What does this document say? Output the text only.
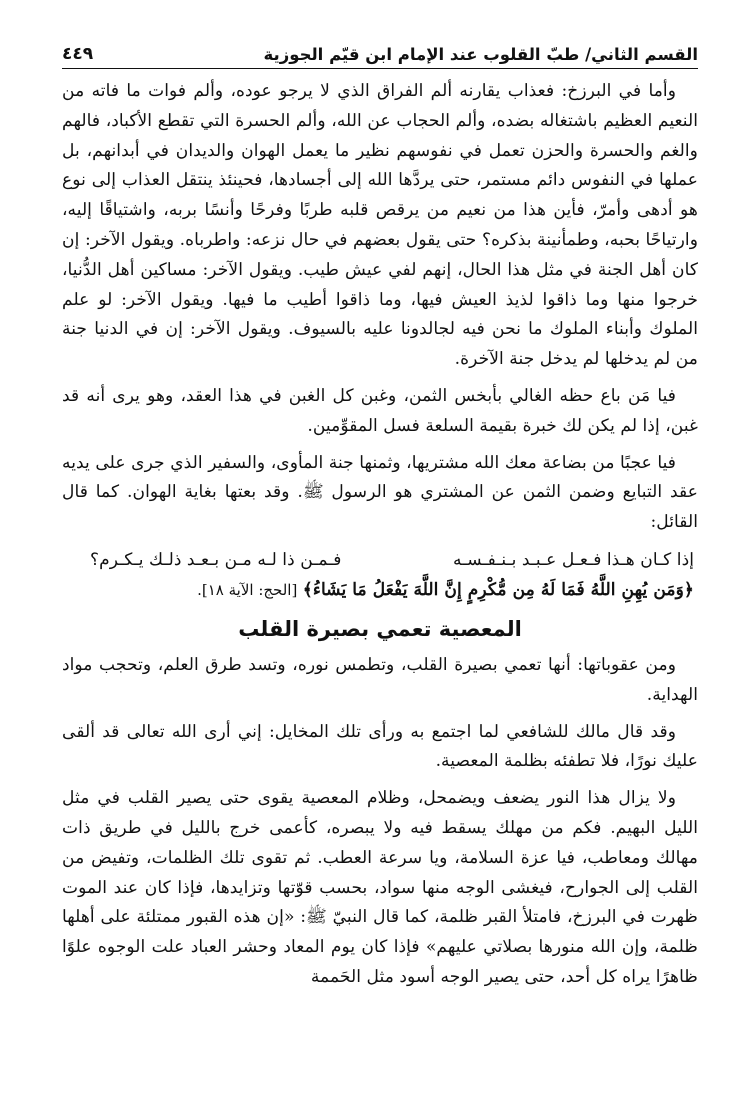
القسم الثاني/ طبّ القلوب عند الإمام ابن قيّم الجوزية
٤٤٩

وأما في البرزخ: فعذاب يقارنه ألم الفراق الذي لا يرجو عوده، وألم فوات ما فاته من النعيم العظيم باشتغاله بضده، وألم الحجاب عن الله، وألم الحسرة التي تقطع الأكباد، فالهم والغم والحسرة والحزن تعمل في نفوسهم نظير ما يعمل الهوان والديدان في أبدانهم، بل عملها في النفوس دائم مستمر، حتى يردَّها الله إلى أجسادها، فحينئذ ينتقل العذاب إلى نوع هو أدهى وأمرّ، فأين هذا من نعيم من يرقص قلبه طربًا وفرحًا وأنسًا بربه، واشتياقًا إليه، وارتياحًا بحبه، وطمأنينة بذكره؟ حتى يقول بعضهم في حال نزعه: واطرباه. ويقول الآخر: إن كان أهل الجنة في مثل هذا الحال، إنهم لفي عيش طيب. ويقول الآخر: مساكين أهل الدُّنيا، خرجوا منها وما ذاقوا لذيذ العيش فيها، وما ذاقوا أطيب ما فيها. ويقول الآخر: لو علم الملوك وأبناء الملوك ما نحن فيه لجالدونا عليه بالسيوف. ويقول الآخر: إن في الدنيا جنة من لم يدخلها لم يدخل جنة الآخرة.

فيا مَن باع حظه الغالي بأبخس الثمن، وغبن كل الغبن في هذا العقد، وهو يرى أنه قد غبن، إذا لم يكن لك خبرة بقيمة السلعة فسل المقوِّمين.

فيا عجبًا من بضاعة معك الله مشتريها، وثمنها جنة المأوى، والسفير الذي جرى على يديه عقد التبايع وضمن الثمن عن المشتري هو الرسول ﷺ. وقد بعتها بغاية الهوان. كما قال القائل:

إذا كـان هـذا فـعـل عـبـد بـنـفـسـه
فـمـن ذا لـه مـن بـعـد ذلـك يـكـرم؟
﴿وَمَن يُهِنِ اللَّهُ فَمَا لَهُ مِن مُّكْرِمٍ إِنَّ اللَّهَ يَفْعَلُ مَا يَشَاءُ﴾ [الحج: الآية ١٨].
المعصية تعمي بصيرة القلب

ومن عقوباتها: أنها تعمي بصيرة القلب، وتطمس نوره، وتسد طرق العلم، وتحجب مواد الهداية.

وقد قال مالك للشافعي لما اجتمع به ورأى تلك المخايل: إني أرى الله تعالى قد ألقى عليك نورًا، فلا تطفئه بظلمة المعصية.

ولا يزال هذا النور يضعف ويضمحل، وظلام المعصية يقوى حتى يصير القلب في مثل الليل البهيم. فكم من مهلك يسقط فيه ولا يبصره، كأعمى خرج بالليل في طريق ذات مهالك ومعاطب، فيا عزة السلامة، ويا سرعة العطب. ثم تقوى تلك الظلمات، وتفيض من القلب إلى الجوارح، فيغشى الوجه منها سواد، بحسب قوّتها وتزايدها، فإذا كان عند الموت ظهرت في البرزخ، فامتلأ القبر ظلمة، كما قال النبيّ ﷺ: «إن هذه القبور ممتلئة على أهلها ظلمة، وإن الله منورها بصلاتي عليهم» فإذا كان يوم المعاد وحشر العباد علت الوجوه علوًا ظاهرًا يراه كل أحد، حتى يصير الوجه أسود مثل الحَممة
